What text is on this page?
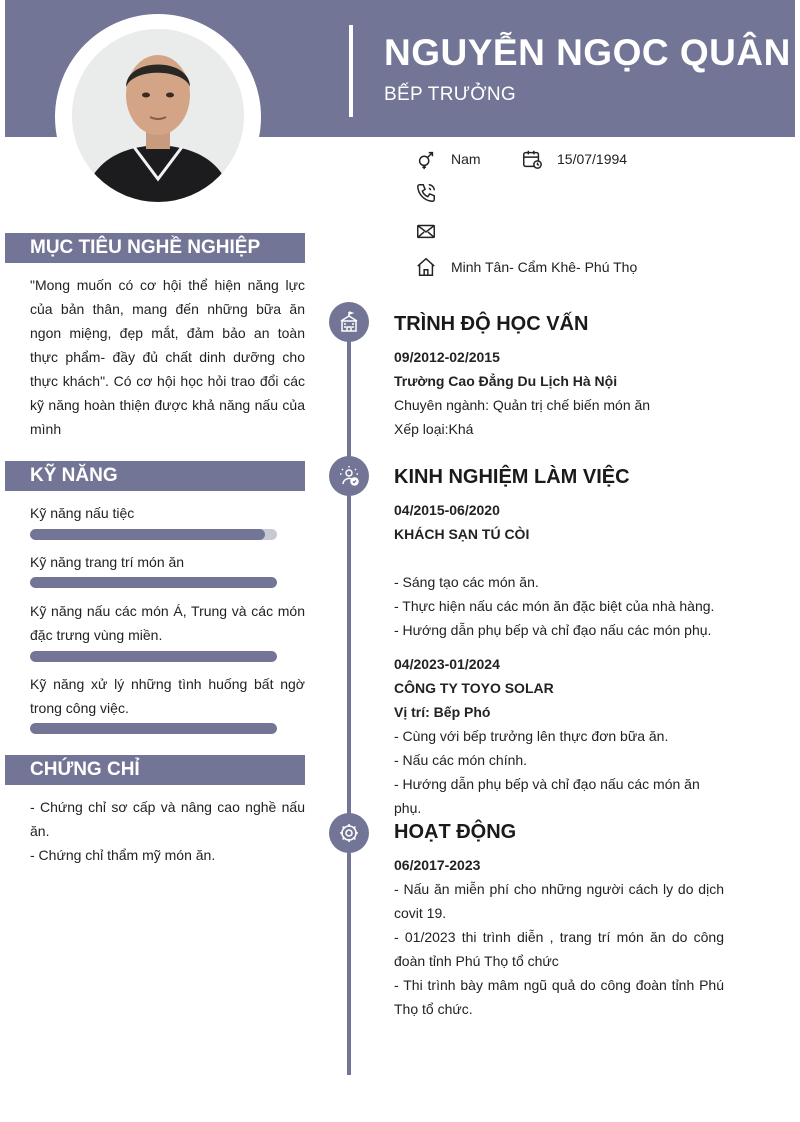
NGUYỄN NGỌC QUÂN
BẾP TRƯỞNG
Nam	15/07/1994
Minh Tân- Cẩm Khê- Phú Thọ
MỤC TIÊU NGHỀ NGHIỆP
"Mong muốn có cơ hội thể hiện năng lực của bản thân, mang đến những bữa ăn ngon miệng, đẹp mắt, đảm bảo an toàn thực phẩm- đầy đủ chất dinh dưỡng cho thực khách". Có cơ hội học hỏi trao đổi các kỹ năng hoàn thiện được khả năng nấu của mình
KỸ NĂNG
Kỹ năng nấu tiệc
Kỹ năng trang trí món ăn
Kỹ năng nấu các món Á, Trung và các món đặc trưng vùng miền.
Kỹ năng xử lý những tình huống bất ngờ trong công việc.
CHỨNG CHỈ
- Chứng chỉ sơ cấp và nâng cao nghề nấu ăn.
- Chứng chỉ thẩm mỹ món ăn.
TRÌNH ĐỘ HỌC VẤN
09/2012-02/2015
Trường Cao Đẳng Du Lịch Hà Nội
Chuyên ngành: Quản trị chế biến món ăn
Xếp loại:Khá
KINH NGHIỆM LÀM VIỆC
04/2015-06/2020
KHÁCH SẠN TÚ CÒI
- Sáng tạo các món ăn.
- Thực hiện nấu các món ăn đặc biệt của nhà hàng.
- Hướng dẫn phụ bếp và chỉ đạo nấu các món phụ.
04/2023-01/2024
CÔNG TY TOYO SOLAR
Vị trí: Bếp Phó
- Cùng với bếp trưởng lên thực đơn bữa ăn.
- Nấu các món chính.
- Hướng dẫn phụ bếp và chỉ đạo nấu các món ăn phụ.
HOẠT ĐỘNG
06/2017-2023
- Nấu ăn miễn phí cho những người cách ly do dịch covit 19.
- 01/2023 thi trình diễn , trang trí món ăn do công đoàn tỉnh Phú Thọ tổ chức
- Thi trình bày mâm ngũ quả do công đoàn tỉnh Phú Thọ tổ chức.
